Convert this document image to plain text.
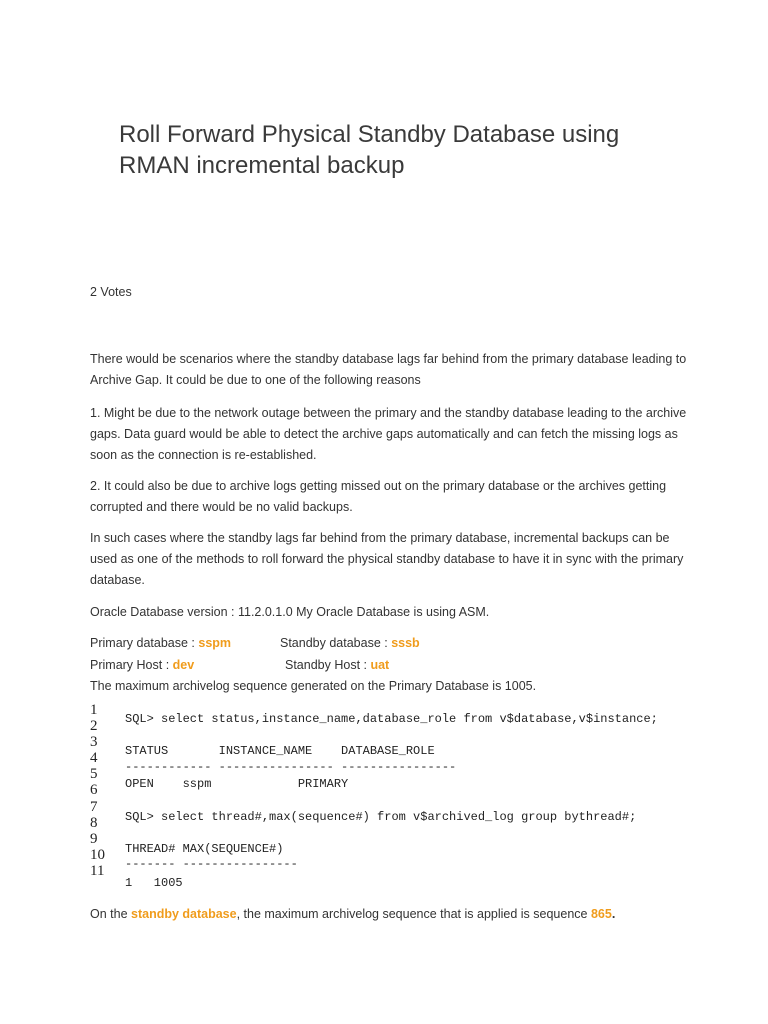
Roll Forward Physical Standby Database using RMAN incremental backup
2 Votes

There would be scenarios where the standby database lags far behind from the primary database leading to Archive Gap. It could be due to one of the following reasons

1. Might be due to the network outage between the primary and the standby database leading to the archive gaps. Data guard would be able to detect the archive gaps automatically and can fetch the missing logs as soon as the connection is re-established.

2. It could also be due to archive logs getting missed out on the primary database or the archives getting corrupted and there would be no valid backups.

In such cases where the standby lags far behind from the primary database, incremental backups can be used as one of the methods to roll forward the physical standby database to have it in sync with the primary database.

Oracle Database version : 11.2.0.1.0 My Oracle Database is using ASM.

Primary database : sspm	Standby database : sssb
Primary Host : dev	Standby Host : uat
The maximum archivelog sequence generated on the Primary Database is 1005.
1
2
3
4
5
6
7
8
9
10
11
SQL> select status,instance_name,database_role from v$database,v$instance;
STATUS       INSTANCE_NAME    DATABASE_ROLE
------------ ---------------- ----------------
OPEN    sspm            PRIMARY
SQL> select thread#,max(sequence#) from v$archived_log group bythread#;
THREAD# MAX(SEQUENCE#)
------- ----------------
1   1005
On the standby database, the maximum archivelog sequence that is applied is sequence 865.
